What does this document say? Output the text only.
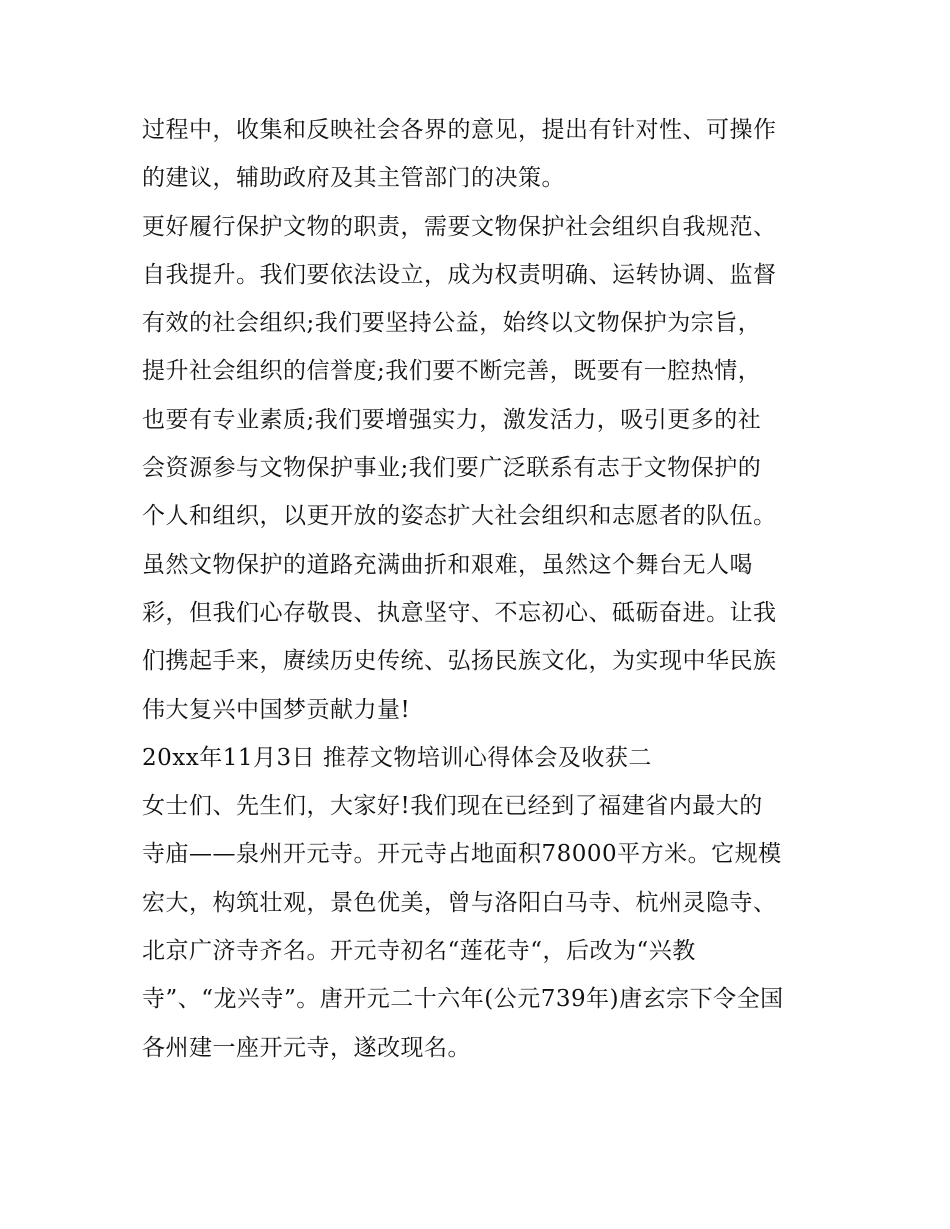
过程中，收集和反映社会各界的意见，提出有针对性、可操作
的建议，辅助政府及其主管部门的决策。
更好履行保护文物的职责，需要文物保护社会组织自我规范、
自我提升。我们要依法设立，成为权责明确、运转协调、监督
有效的社会组织;我们要坚持公益，始终以文物保护为宗旨，
提升社会组织的信誉度;我们要不断完善，既要有一腔热情，
也要有专业素质;我们要增强实力，激发活力，吸引更多的社
会资源参与文物保护事业;我们要广泛联系有志于文物保护的
个人和组织，以更开放的姿态扩大社会组织和志愿者的队伍。
虽然文物保护的道路充满曲折和艰难，虽然这个舞台无人喝
彩，但我们心存敬畏、执意坚守、不忘初心、砥砺奋进。让我
们携起手来，赓续历史传统、弘扬民族文化，为实现中华民族
伟大复兴中国梦贡献力量!
20xx年11月3日 推荐文物培训心得体会及收获二
女士们、先生们，大家好!我们现在已经到了福建省内最大的
寺庙——泉州开元寺。开元寺占地面积78000平方米。它规模
宏大，构筑壮观，景色优美，曾与洛阳白马寺、杭州灵隐寺、
北京广济寺齐名。开元寺初名“莲花寺“，后改为“兴教
寺”、“龙兴寺”。唐开元二十六年(公元739年)唐玄宗下令全国
各州建一座开元寺，遂改现名。
